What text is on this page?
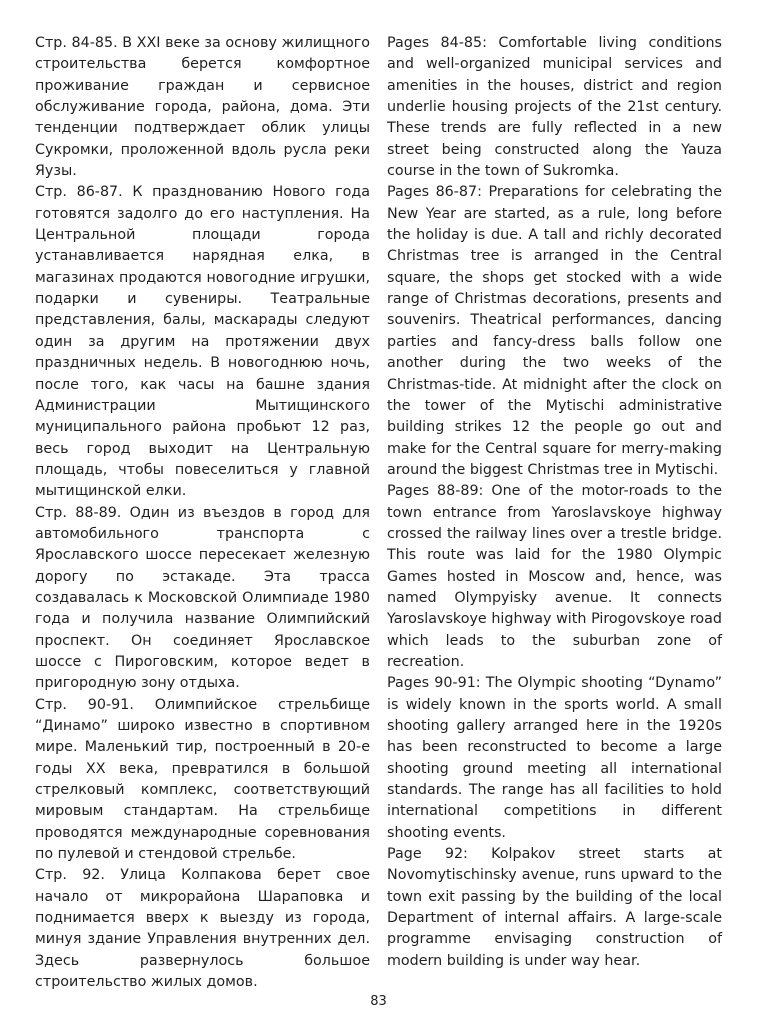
Стр. 84-85. В XXI веке за основу жилищного строительства берется комфортное проживание граждан и сервисное обслуживание города, района, дома. Эти тенденции подтверждает облик улицы Сукромки, проложенной вдоль русла реки Яузы.

Стр. 86-87. К празднованию Нового года готовятся задолго до его наступления. На Центральной площади города устанавливается нарядная елка, в магазинах продаются новогодние игрушки, подарки и сувениры. Театральные представления, балы, маскарады следуют один за другим на протяжении двух праздничных недель. В новогоднюю ночь, после того, как часы на башне здания Администрации Мытищинского муниципального района пробьют 12 раз, весь город выходит на Центральную площадь, чтобы повеселиться у главной мытищинской елки.

Стр. 88-89. Один из въездов в город для автомобильного транспорта с Ярославского шоссе пересекает железную дорогу по эстакаде. Эта трасса создавалась к Московской Олимпиаде 1980 года и получила название Олимпийский проспект. Он соединяет Ярославское шоссе с Пироговским, которое ведет в пригородную зону отдыха.

Стр. 90-91. Олимпийское стрельбище “Динамо” широко известно в спортивном мире. Маленький тир, построенный в 20-е годы XX века, превратился в большой стрелковый комплекс, соответствующий мировым стандартам. На стрельбище проводятся международные соревнования по пулевой и стендовой стрельбе.

Стр. 92. Улица Колпакова берет свое начало от микрорайона Шараповка и поднимается вверх к выезду из города, минуя здание Управления внутренних дел. Здесь развернулось большое строительство жилых домов.

Pages 84-85: Comfortable living conditions and well-organized municipal services and amenities in the houses, district and region underlie housing projects of the 21st century. These trends are fully reflected in a new street being constructed along the Yauza course in the town of Sukromka.

Pages 86-87: Preparations for celebrating the New Year are started, as a rule, long before the holiday is due. A tall and richly decorated Christmas tree is arranged in the Central square, the shops get stocked with a wide range of Christmas decorations, presents and souvenirs. Theatrical performances, dancing parties and fancy-dress balls follow one another during the two weeks of the Christmas-tide. At midnight after the clock on the tower of the Mytischi administrative building strikes 12 the people go out and make for the Central square for merry-making around the biggest Christmas tree in Mytischi.

Pages 88-89: One of the motor-roads to the town entrance from Yaroslavskoye highway crossed the railway lines over a trestle bridge. This route was laid for the 1980 Olympic Games hosted in Moscow and, hence, was named Olympyisky avenue. It connects Yaroslavskoye highway with Pirogovskoye road which leads to the suburban zone of recreation.

Pages 90-91: The Olympic shooting “Dynamo” is widely known in the sports world. A small shooting gallery arranged here in the 1920s has been reconstructed to become a large shooting ground meeting all international standards. The range has all facilities to hold international competitions in different shooting events.

Page 92: Kolpakov street starts at Novomytischinsky avenue, runs upward to the town exit passing by the building of the local Department of internal affairs. A large-scale programme envisaging construction of modern building is under way hear.

83
